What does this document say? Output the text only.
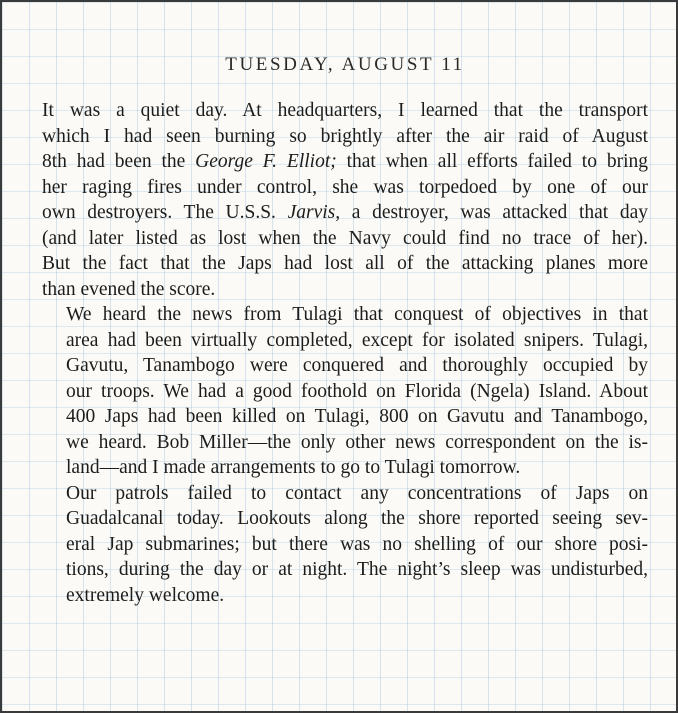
TUESDAY, AUGUST 11

It was a quiet day. At headquarters, I learned that the transport
which I had seen burning so brightly after the air raid of August
8th had been the George F. Elliot; that when all efforts failed to bring
her raging fires under control, she was torpedoed by one of our
own destroyers. The U.S.S. Jarvis, a destroyer, was attacked that day
(and later listed as lost when the Navy could find no trace of her).
But the fact that the Japs had lost all of the attacking planes more
than evened the score.

We heard the news from Tulagi that conquest of objectives in that
area had been virtually completed, except for isolated snipers. Tulagi,
Gavutu, Tanambogo were conquered and thoroughly occupied by
our troops. We had a good foothold on Florida (Ngela) Island. About
400 Japs had been killed on Tulagi, 800 on Gavutu and Tanambogo,
we heard. Bob Miller—the only other news correspondent on the is-
land—and I made arrangements to go to Tulagi tomorrow.

Our patrols failed to contact any concentrations of Japs on
Guadalcanal today. Lookouts along the shore reported seeing sev-
eral Jap submarines; but there was no shelling of our shore posi-
tions, during the day or at night. The night’s sleep was undisturbed,
extremely welcome.
